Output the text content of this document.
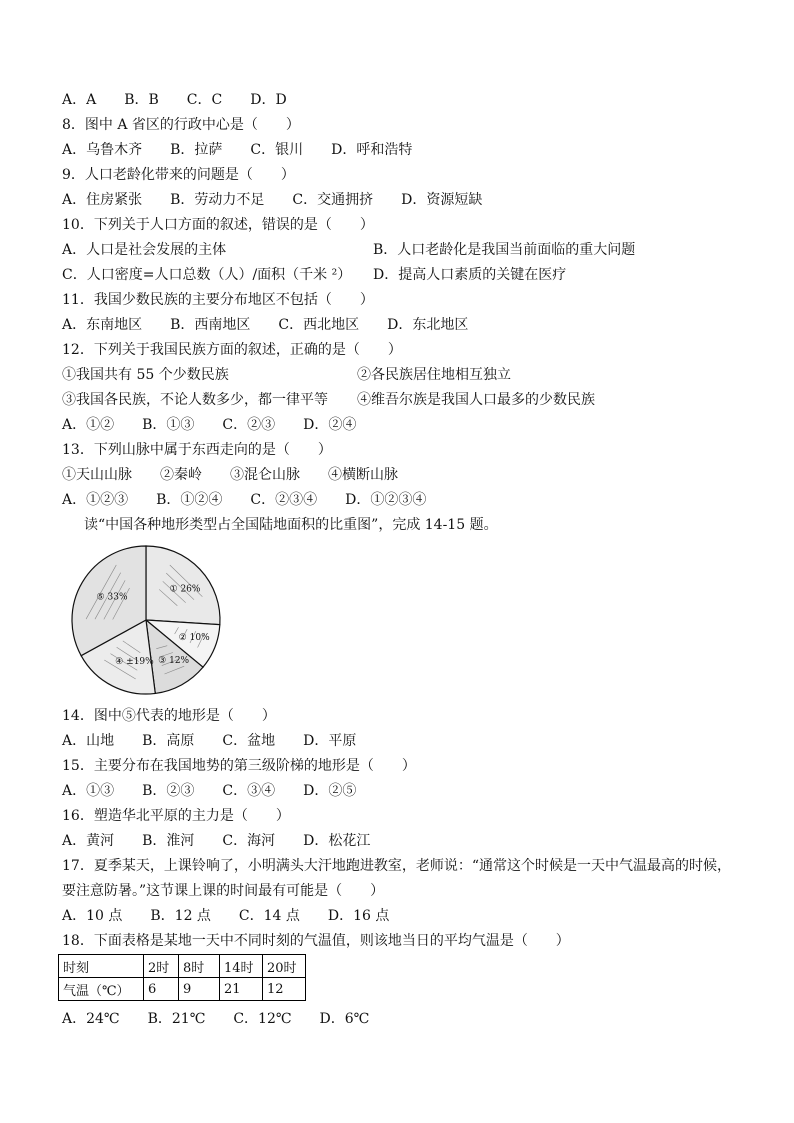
A．A　　B．B　　C．C　　D．D
8．图中 A 省区的行政中心是（　　）
A．乌鲁木齐　　B．拉萨　　C．银川　　D．呼和浩特
9．人口老龄化带来的问题是（　　）
A．住房紧张　　B．劳动力不足　　C．交通拥挤　　D．资源短缺
10．下列关于人口方面的叙述，错误的是（　　）
A．人口是社会发展的主体	B．人口老龄化是我国当前面临的重大问题
C．人口密度=人口总数（人）/面积（千米 ²） D．提高人口素质的关键在医疗
11．我国少数民族的主要分布地区不包括（　　）
A．东南地区　　B．西南地区　　C．西北地区　　D．东北地区
12．下列关于我国民族方面的叙述，正确的是（　　）
①我国共有 55 个少数民族	②各民族居住地相互独立
③我国各民族，不论人数多少，都一律平等 ④维吾尔族是我国人口最多的少数民族
A．①②　　B．①③　　C．②③　　D．②④
13．下列山脉中属于东西走向的是（　　）
①天山山脉　　②秦岭　　③混仑山脉　　④横断山脉
A．①②③　　B．①②④　　C．②③④　　D．①②③④
读“中国各种地形类型占全国陆地面积的比重图”，完成 14-15 题。
① 26%
② 10%
③ 12%
④ ±19%
⑤ 33%
14．图中⑤代表的地形是（　　）
A．山地　　B．高原　　C．盆地　　D．平原
15．主要分布在我国地势的第三级阶梯的地形是（　　）
A．①③　　B．②③　　C．③④　　D．②⑤
16．塑造华北平原的主力是（　　）
A．黄河　　B．淮河　　C．海河　　D．松花江
17．夏季某天，上课铃响了，小明满头大汗地跑进教室，老师说：“通常这个时候是一天中气温最高的时候，
要注意防暑。”这节课上课的时间最有可能是（　　）
A．10 点　　B．12 点　　C．14 点　　D．16 点
18．下面表格是某地一天中不同时刻的气温值，则该地当日的平均气温是（　　）
时刻	2时	8时	14时	20时
气温（℃）	6	9	21	12
A．24℃　　B．21℃　　C．12℃　　D．6℃
